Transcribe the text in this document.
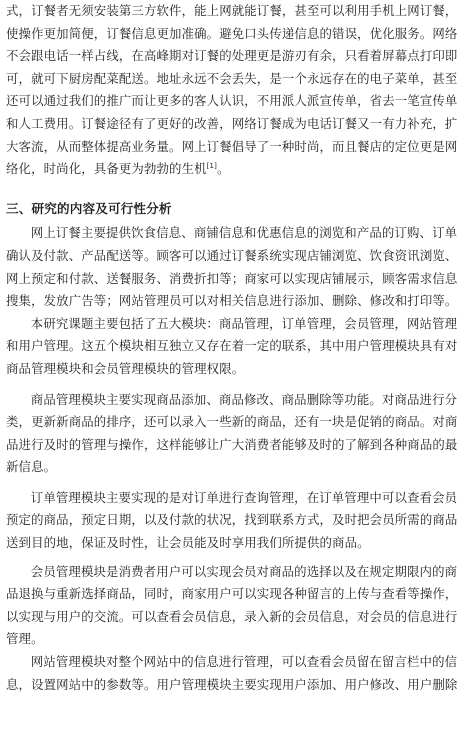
式，订餐者无须安装第三方软件，能上网就能订餐，甚至可以利用手机上网订餐，使操作更加简便，订餐信息更加准确。避免口头传递信息的错误，优化服务。网络不会跟电话一样占线，在高峰期对订餐的处理更是游刃有余，只看着屏幕点打印即可，就可下厨房配菜配送。地址永远不会丢失，是一个永远存在的电子菜单，甚至还可以通过我们的推广而让更多的客人认识，不用派人派宣传单，省去一笔宣传单和人工费用。订餐途径有了更好的改善，网络订餐成为电话订餐又一有力补充，扩大客流，从而整体提高业务量。网上订餐倡导了一种时尚，而且餐店的定位更是网络化，时尚化，具备更为勃勃的生机[1]。

三、研究的内容及可行性分析

网上订餐主要提供饮食信息、商铺信息和优惠信息的浏览和产品的订购、订单确认及付款、产品配送等。顾客可以通过订餐系统实现店铺浏览、饮食资讯浏览、网上预定和付款、送餐服务、消费折扣等；商家可以实现店铺展示，顾客需求信息搜集，发放广告等；网站管理员可以对相关信息进行添加、删除、修改和打印等。

本研究课题主要包括了五大模块：商品管理，订单管理，会员管理，网站管理和用户管理。这五个模块相互独立又存在着一定的联系，其中用户管理模块具有对商品管理模块和会员管理模块的管理权限。

商品管理模块主要实现商品添加、商品修改、商品删除等功能。对商品进行分类，更新新商品的排序，还可以录入一些新的商品，还有一块是促销的商品。对商品进行及时的管理与操作，这样能够让广大消费者能够及时的了解到各种商品的最新信息。

订单管理模块主要实现的是对订单进行查询管理，在订单管理中可以查看会员预定的商品，预定日期，以及付款的状况，找到联系方式，及时把会员所需的商品送到目的地，保证及时性，让会员能及时享用我们所提供的商品。

会员管理模块是消费者用户可以实现会员对商品的选择以及在规定期限内的商品退换与重新选择商品，同时，商家用户可以实现各种留言的上传与查看等操作，以实现与用户的交流。可以查看会员信息，录入新的会员信息，对会员的信息进行管理。

网站管理模块对整个网站中的信息进行管理，可以查看会员留在留言栏中的信息，设置网站中的参数等。用户管理模块主要实现用户添加、用户修改、用户删除
